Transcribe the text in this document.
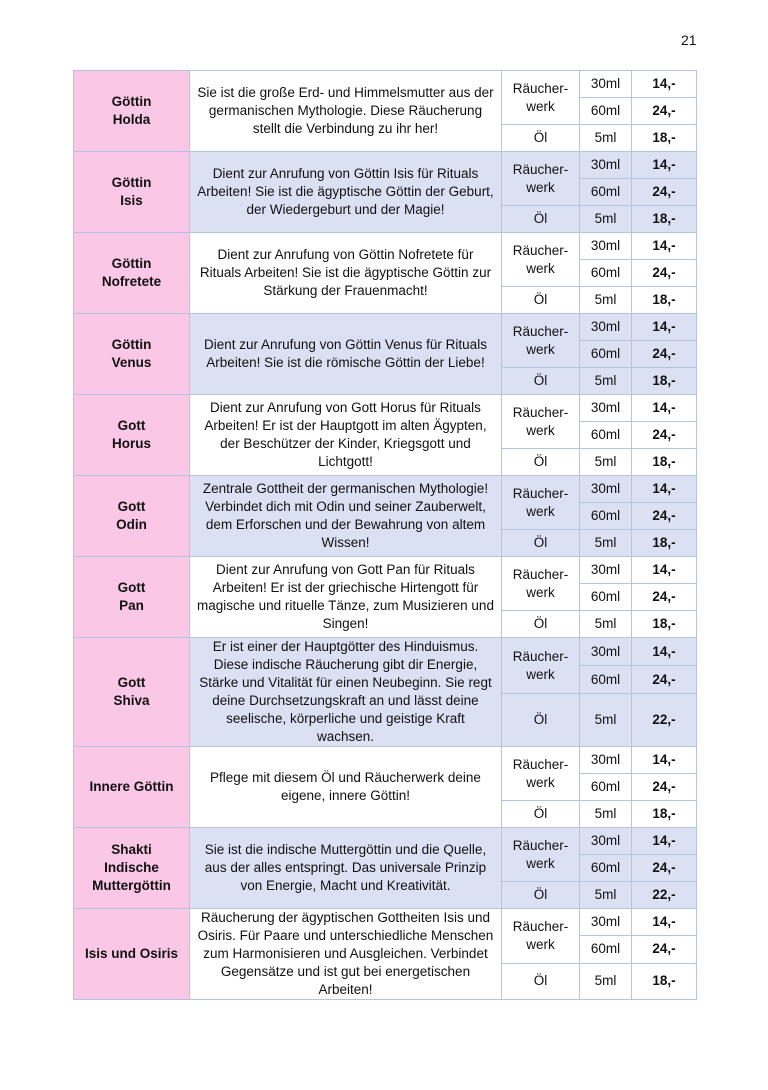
21
Göttin
Holda	Sie ist die große Erd- und Himmelsmutter aus der germanischen Mythologie. Diese Räucherung stellt die Verbindung zu ihr her!	Räucher-werk	30ml	14,-
			60ml	24,-
		Öl	5ml	18,-

Göttin
Isis	Dient zur Anrufung von Göttin Isis für Rituals Arbeiten! Sie ist die ägyptische Göttin der Geburt, der Wiedergeburt und der Magie!	Räucher-werk	30ml	14,-
			60ml	24,-
		Öl	5ml	18,-

Göttin
Nofretete	Dient zur Anrufung von Göttin Nofretete für Rituals Arbeiten! Sie ist die ägyptische Göttin zur Stärkung der Frauenmacht!	Räucher-werk	30ml	14,-
			60ml	24,-
		Öl	5ml	18,-

Göttin
Venus	Dient zur Anrufung von Göttin Venus für Rituals Arbeiten! Sie ist die römische Göttin der Liebe!	Räucher-werk	30ml	14,-
			60ml	24,-
		Öl	5ml	18,-

Gott
Horus	Dient zur Anrufung von Gott Horus für Rituals Arbeiten! Er ist der Hauptgott im alten Ägypten, der Beschützer der Kinder, Kriegsgott und Lichtgott!	Räucher-werk	30ml	14,-
			60ml	24,-
		Öl	5ml	18,-

Gott
Odin	Zentrale Gottheit der germanischen Mythologie! Verbindet dich mit Odin und seiner Zauberwelt, dem Erforschen und der Bewahrung von altem Wissen!	Räucher-werk	30ml	14,-
			60ml	24,-
		Öl	5ml	18,-

Gott
Pan	Dient zur Anrufung von Gott Pan für Rituals Arbeiten! Er ist der griechische Hirtengott für magische und rituelle Tänze, zum Musizieren und Singen!	Räucher-werk	30ml	14,-
			60ml	24,-
		Öl	5ml	18,-

Gott
Shiva	Er ist einer der Hauptgötter des Hinduismus. Diese indische Räucherung gibt dir Energie, Stärke und Vitalität für einen Neubeginn. Sie regt deine Durchsetzungskraft an und lässt deine seelische, körperliche und geistige Kraft wachsen.	Räucher-werk	30ml	14,-
			60ml	24,-
		Öl	5ml	22,-

Innere Göttin	Pflege mit diesem Öl und Räucherwerk deine eigene, innere Göttin!	Räucher-werk	30ml	14,-
			60ml	24,-
		Öl	5ml	18,-

Shakti
Indische
Muttergöttin	Sie ist die indische Muttergöttin und die Quelle, aus der alles entspringt. Das universale Prinzip von Energie, Macht und Kreativität.	Räucher-werk	30ml	14,-
			60ml	24,-
		Öl	5ml	22,-

Isis und Osiris	Räucherung der ägyptischen Gottheiten Isis und Osiris. Für Paare und unterschiedliche Menschen zum Harmonisieren und Ausgleichen. Verbindet Gegensätze und ist gut bei energetischen Arbeiten!	Räucher-werk	30ml	14,-
			60ml	24,-
		Öl	5ml	18,-
